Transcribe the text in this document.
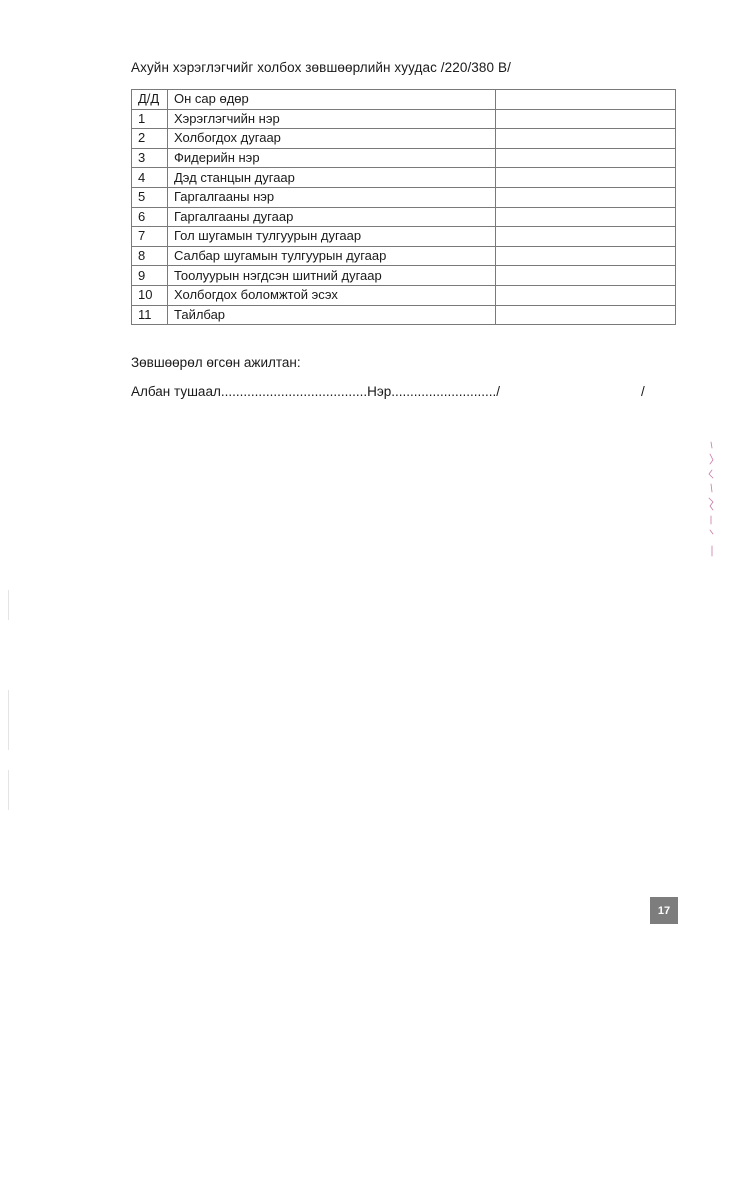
Ахуйн хэрэглэгчийг холбох зөвшөөрлийн хуудас /220/380 В/
Д/Д	Он сар өдөр	
1	Хэрэглэгчийн нэр	
2	Холбогдох дугаар	
3	Фидерийн нэр	
4	Дэд станцын дугаар	
5	Гаргалгааны нэр	
6	Гаргалгааны дугаар	
7	Гол шугамын тулгуурын дугаар	
8	Салбар шугамын тулгуурын дугаар	
9	Тоолуурын нэгдсэн шитний дугаар	
10	Холбогдох боломжтой эсэх	
11	Тайлбар	
Зөвшөөрөл өгсөн ажилтан:
Албан тушаал.......................................Нэр............................/	/
17
